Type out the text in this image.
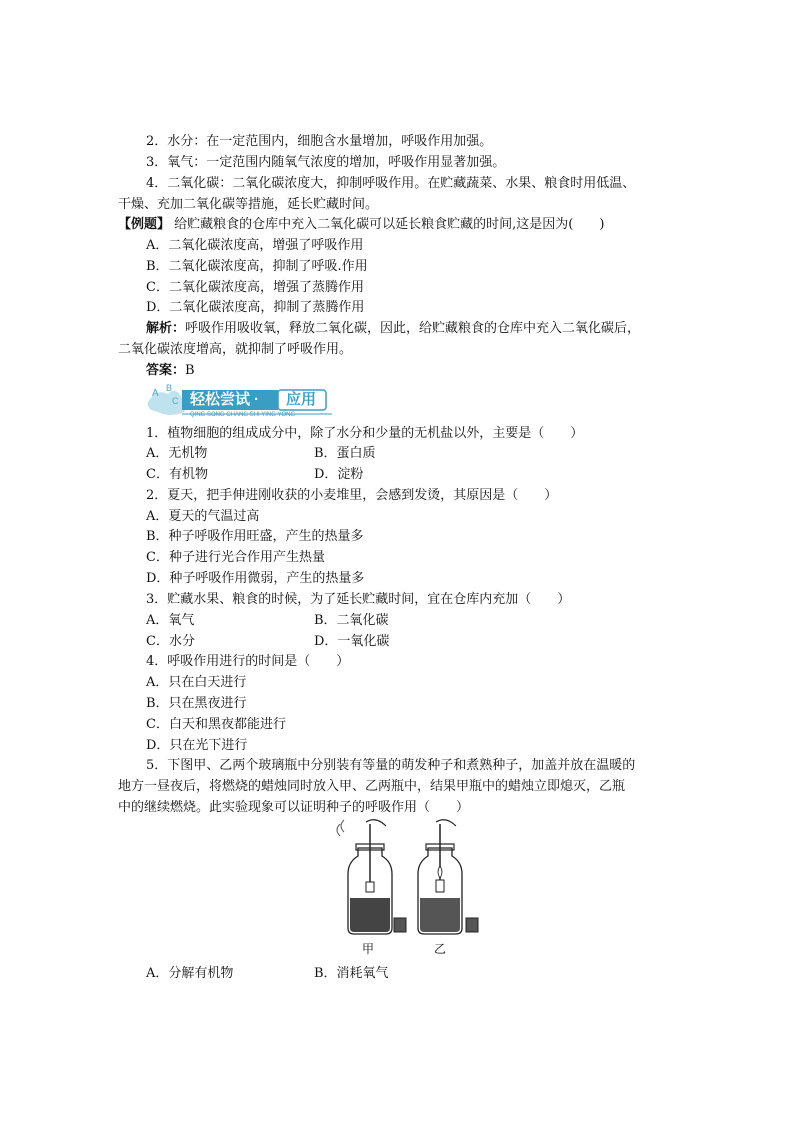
2．水分：在一定范围内，细胞含水量增加，呼吸作用加强。
3．氧气：一定范围内随氧气浓度的增加，呼吸作用显著加强。
4．二氧化碳：二氧化碳浓度大，抑制呼吸作用。在贮藏蔬菜、水果、粮食时用低温、
干燥、充加二氧化碳等措施，延长贮藏时间。
【例题】 给贮藏粮食的仓库中充入二氧化碳可以延长粮食贮藏的时间,这是因为(　　)
A．二氧化碳浓度高，增强了呼吸作用
B．二氧化碳浓度高，抑制了呼吸.作用
C．二氧化碳浓度高，增强了蒸腾作用
D．二氧化碳浓度高，抑制了蒸腾作用
解析：呼吸作用吸收氧，释放二氧化碳，因此，给贮藏粮食的仓库中充入二氧化碳后，
二氧化碳浓度增高，就抑制了呼吸作用。
答案：B
A B
C 轻松尝试 · 应用
QING SONG CHANG SHI YING YONG
1．植物细胞的组成成分中，除了水分和少量的无机盐以外，主要是（　　）
A．无机物	B．蛋白质
C．有机物	D．淀粉
2．夏天，把手伸进刚收获的小麦堆里，会感到发烫，其原因是（　　）
A．夏天的气温过高
B．种子呼吸作用旺盛，产生的热量多
C．种子进行光合作用产生热量
D．种子呼吸作用微弱，产生的热量多
3．贮藏水果、粮食的时候，为了延长贮藏时间，宜在仓库内充加（　　）
A．氧气	B．二氧化碳
C．水分	D．一氧化碳
4．呼吸作用进行的时间是（　　）
A．只在白天进行
B．只在黑夜进行
C．白天和黑夜都能进行
D．只在光下进行
5．下图甲、乙两个玻璃瓶中分别装有等量的萌发种子和煮熟种子，加盖并放在温暖的
地方一昼夜后，将燃烧的蜡烛同时放入甲、乙两瓶中，结果甲瓶中的蜡烛立即熄灭，乙瓶
中的继续燃烧。此实验现象可以证明种子的呼吸作用（　　）
甲	乙
A．分解有机物	B．消耗氧气
